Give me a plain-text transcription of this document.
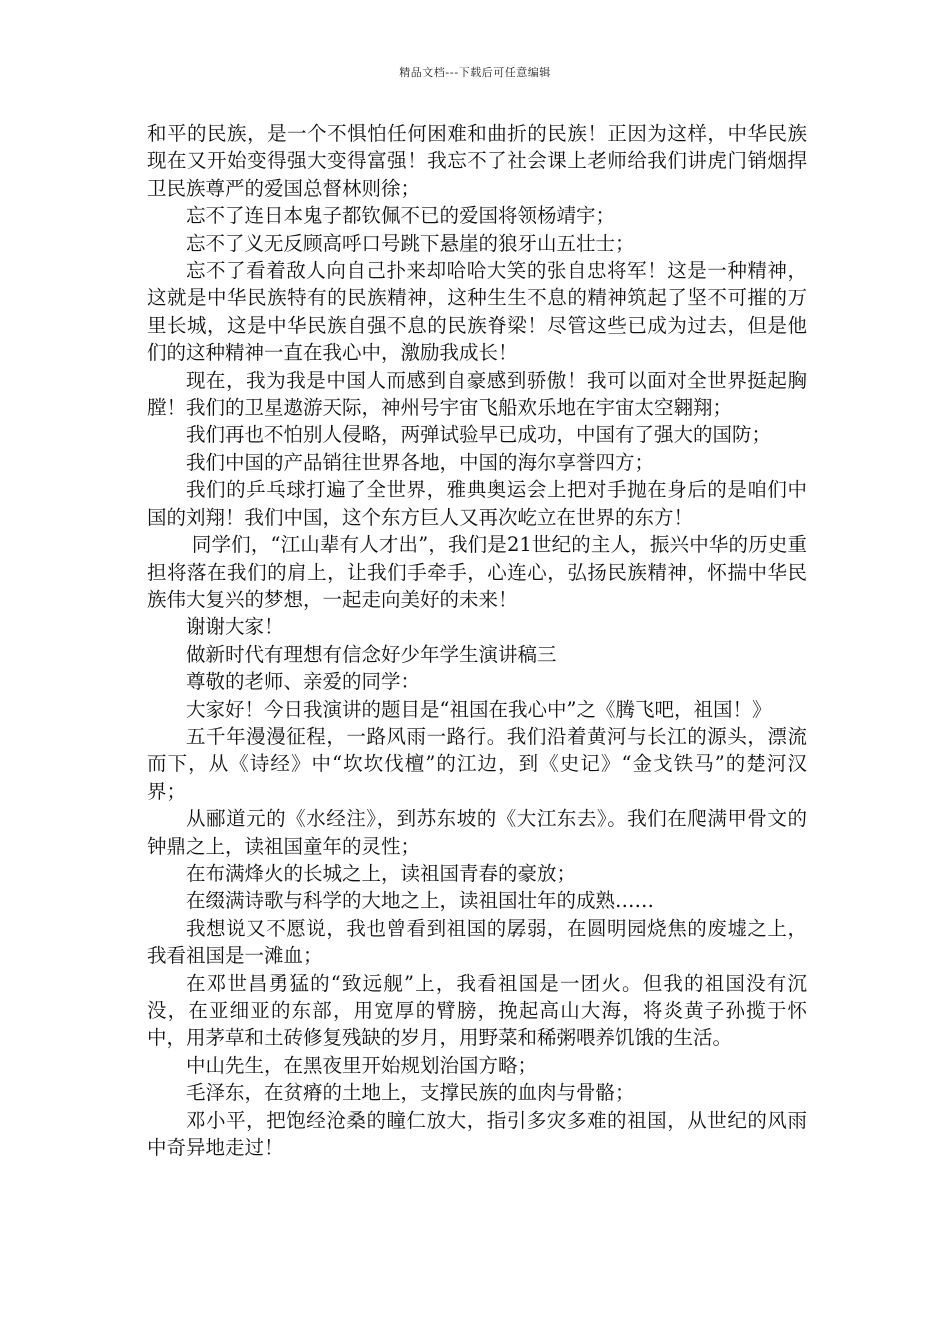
精品文档---下载后可任意编辑

和平的民族，是一个不惧怕任何困难和曲折的民族！正因为这样，中华民族现在又开始变得强大变得富强！我忘不了社会课上老师给我们讲虎门销烟捍卫民族尊严的爱国总督林则徐；

忘不了连日本鬼子都钦佩不已的爱国将领杨靖宇；

忘不了义无反顾高呼口号跳下悬崖的狼牙山五壮士；

忘不了看着敌人向自己扑来却哈哈大笑的张自忠将军！这是一种精神，这就是中华民族特有的民族精神，这种生生不息的精神筑起了坚不可摧的万里长城，这是中华民族自强不息的民族脊梁！尽管这些已成为过去，但是他们的这种精神一直在我心中，激励我成长！

现在，我为我是中国人而感到自豪感到骄傲！我可以面对全世界挺起胸膛！我们的卫星遨游天际，神州号宇宙飞船欢乐地在宇宙太空翱翔；

我们再也不怕别人侵略，两弹试验早已成功，中国有了强大的国防；

我们中国的产品销往世界各地，中国的海尔享誉四方；

我们的乒乓球打遍了全世界，雅典奥运会上把对手抛在身后的是咱们中国的刘翔！我们中国，这个东方巨人又再次屹立在世界的东方！

同学们，“江山辈有人才出”，我们是21世纪的主人，振兴中华的历史重担将落在我们的肩上，让我们手牵手，心连心，弘扬民族精神，怀揣中华民族伟大复兴的梦想，一起走向美好的未来！

谢谢大家！

做新时代有理想有信念好少年学生演讲稿三

尊敬的老师、亲爱的同学：

大家好！今日我演讲的题目是“祖国在我心中”之《腾飞吧，祖国！》

五千年漫漫征程，一路风雨一路行。我们沿着黄河与长江的源头，漂流而下，从《诗经》中“坎坎伐檀”的江边，到《史记》“金戈铁马”的楚河汉界；

从郦道元的《水经注》，到苏东坡的《大江东去》。我们在爬满甲骨文的钟鼎之上，读祖国童年的灵性；

在布满烽火的长城之上，读祖国青春的豪放；

在缀满诗歌与科学的大地之上，读祖国壮年的成熟……

我想说又不愿说，我也曾看到祖国的孱弱，在圆明园烧焦的废墟之上，我看祖国是一滩血；

在邓世昌勇猛的“致远舰”上，我看祖国是一团火。但我的祖国没有沉没，在亚细亚的东部，用宽厚的臂膀，挽起高山大海，将炎黄子孙揽于怀中，用茅草和土砖修复残缺的岁月，用野菜和稀粥喂养饥饿的生活。

中山先生，在黑夜里开始规划治国方略；

毛泽东，在贫瘠的土地上，支撑民族的血肉与骨骼；

邓小平，把饱经沧桑的瞳仁放大，指引多灾多难的祖国，从世纪的风雨中奇异地走过！
